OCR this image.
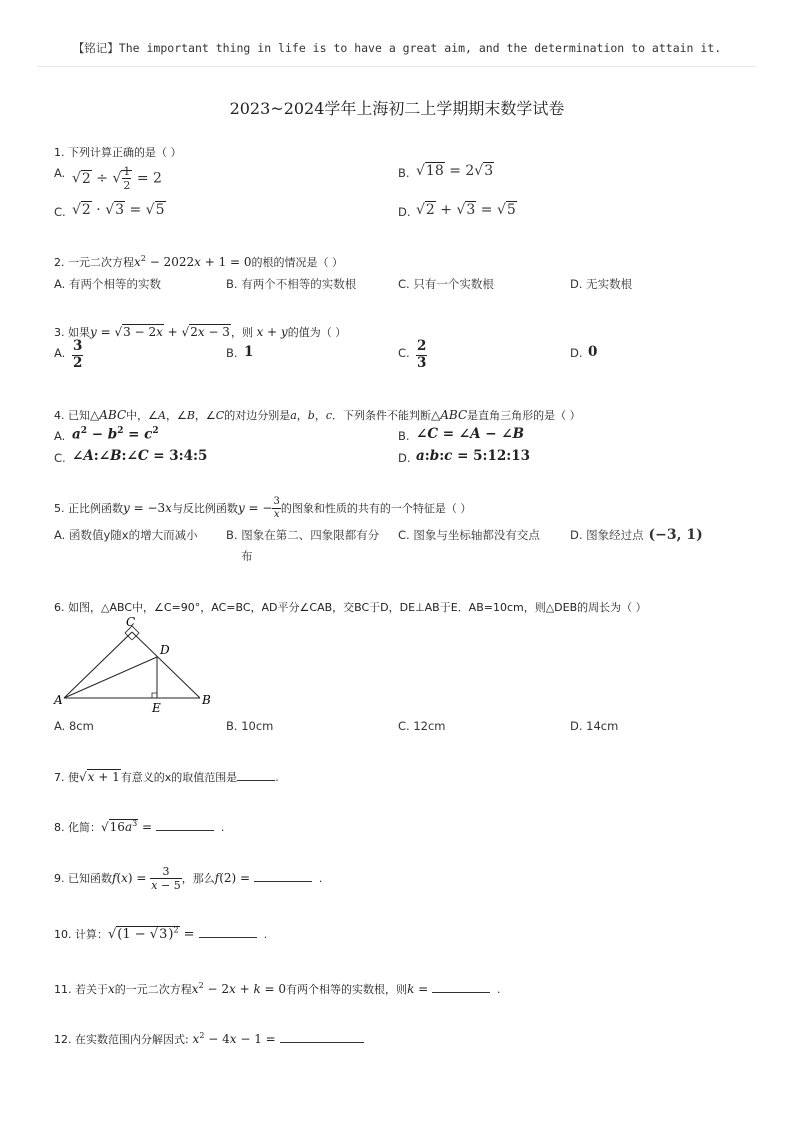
【铭记】The important thing in life is to have a great aim, and the determination to attain it.
2023~2024学年上海初二上学期期末数学试卷
1. 下列计算正确的是（ ）
A. √2 ÷ √ $\frac{1}{2} = 2$	B. √18 = 2√3
C. √2 · √3 = √5	D. √2 + √3 = √5
2. 一元二次方程$x^2 - 2022x + 1 = 0$的根的情况是（ ）
A. 有两个相等的实数	B. 有两个不相等的实数根	C. 只有一个实数根	D. 无实数根
3. 如果y = √3 − 2x + √2x − 3，则 x + y的值为（ ）
A. $\frac{3}{2}$	B. 1	C. $\frac{2}{3}$	D. 0
4. 已知△ABC中，∠A，∠B，∠C的对边分别是a，b，c．下列条件不能判断△ABC是直角三角形的是（ ）
A. $a^2 - b^2 = c^2$	B. ∠C = ∠A − ∠B
C. ∠A:∠B:∠C = 3:4:5	D. a:b:c = 5:12:13
5. 正比例函数y = −3x与反比例函数y = − $\frac{3}{x}$ 的图象和性质的共有的一个特征是（ ）
A. 函数值y随x的增大而减小 B. 图象在第二、四象限都有分
布
C. 图象与坐标轴都没有交点	D. 图象经过点 (−3, 1)
6. 如图，△ABC中，∠C=90°，AC=BC，AD平分∠CAB，交BC于D，DE⊥AB于E．AB=10cm，则△DEB的周长为（ ）
C
D
A	B
E
A. 8cm	B. 10cm	C. 12cm	D. 14cm
7. 使√x + 1有意义的x的取值范围是	.
8. 化简：$√16a^3$ =	.
9. 已知函数$f(x) = \frac{3}{x - 5}$ ，那么f(2) =	.
10. 计算：$√(1 - √3)^2$ =	.
11. 若关于x的一元二次方程$x^2 - 2x + k = 0$有两个相等的实数根，则k =	.
12. 在实数范围内分解因式: $x^2 - 4x - 1$ =
